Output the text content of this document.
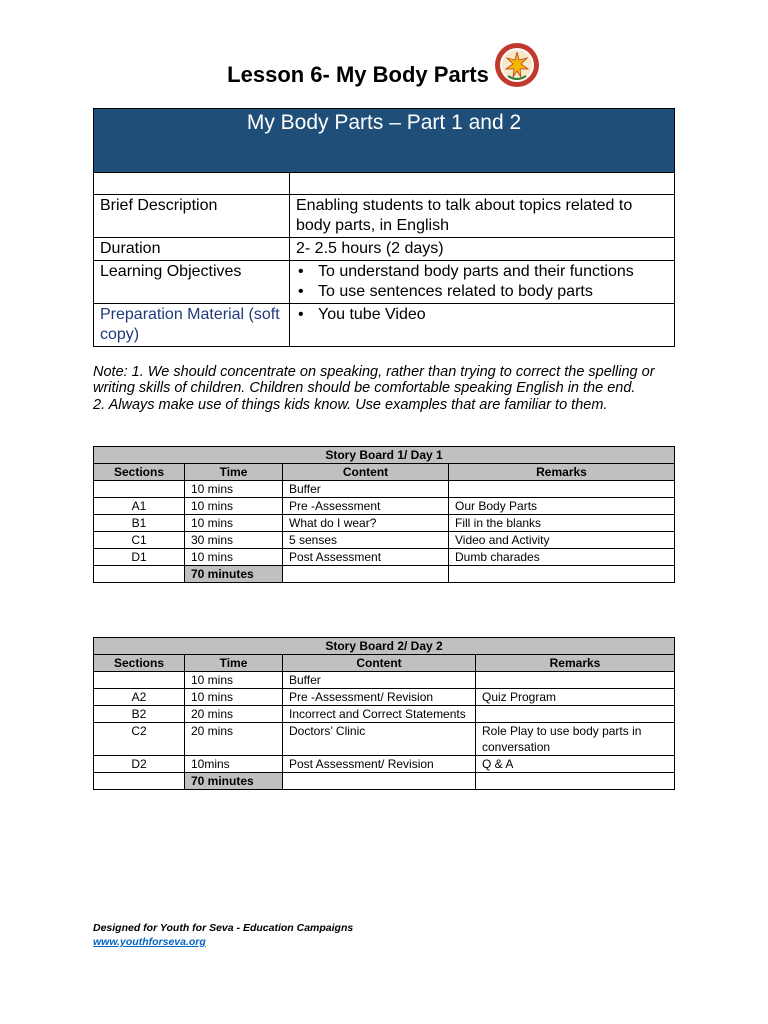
Lesson 6- My Body Parts
My Body Parts – Part 1 and 2	

Brief Description	Enabling students to talk about topics related to body parts, in English
Duration	2- 2.5 hours (2 days)
Learning Objectives	• To understand body parts and their functions
• To use sentences related to body parts

Preparation Material (soft copy)	• You tube Video
Note: 1. We should concentrate on speaking, rather than trying to correct the spelling or writing skills of children. Children should be comfortable speaking English in the end.
2. Always make use of things kids know. Use examples that are familiar to them.
Story Board 1/ Day 1			
Sections	Time	Content	Remarks
	10 mins	Buffer	
A1	10 mins	Pre -Assessment	Our Body Parts
B1	10 mins	What do I wear?	Fill in the blanks
C1	30 mins	5 senses	Video and Activity
D1	10 mins	Post Assessment	Dumb charades
	70 minutes		
Story Board 2/ Day 2			
Sections	Time	Content	Remarks
	10 mins	Buffer	
A2	10 mins	Pre -Assessment/ Revision	Quiz Program
B2	20 mins	Incorrect and Correct Statements	
C2	20 mins	Doctors’ Clinic	Role Play to use body parts in conversation
D2	10mins	Post Assessment/ Revision	Q & A
	70 minutes		
Designed for Youth for Seva - Education Campaigns
www.youthforseva.org
